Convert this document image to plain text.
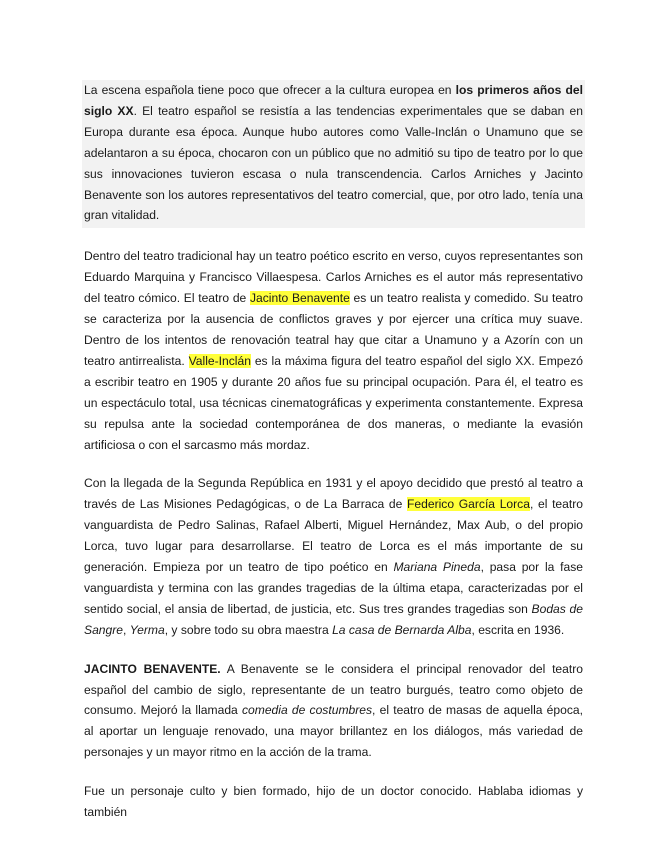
La escena española tiene poco que ofrecer a la cultura europea en los primeros años del siglo XX. El teatro español se resistía a las tendencias experimentales que se daban en Europa durante esa época. Aunque hubo autores como Valle-Inclán o Unamuno que se adelantaron a su época, chocaron con un público que no admitió su tipo de teatro por lo que sus innovaciones tuvieron escasa o nula transcendencia. Carlos Arniches y Jacinto Benavente son los autores representativos del teatro comercial, que, por otro lado, tenía una gran vitalidad.

Dentro del teatro tradicional hay un teatro poético escrito en verso, cuyos representantes son Eduardo Marquina y Francisco Villaespesa. Carlos Arniches es el autor más representativo del teatro cómico. El teatro de Jacinto Benavente es un teatro realista y comedido. Su teatro se caracteriza por la ausencia de conflictos graves y por ejercer una crítica muy suave. Dentro de los intentos de renovación teatral hay que citar a Unamuno y a Azorín con un teatro antirrealista. Valle-Inclán es la máxima figura del teatro español del siglo XX. Empezó a escribir teatro en 1905 y durante 20 años fue su principal ocupación. Para él, el teatro es un espectáculo total, usa técnicas cinematográficas y experimenta constantemente. Expresa su repulsa ante la sociedad contemporánea de dos maneras, o mediante la evasión artificiosa o con el sarcasmo más mordaz.

Con la llegada de la Segunda República en 1931 y el apoyo decidido que prestó al teatro a través de Las Misiones Pedagógicas, o de La Barraca de Federico García Lorca, el teatro vanguardista de Pedro Salinas, Rafael Alberti, Miguel Hernández, Max Aub, o del propio Lorca, tuvo lugar para desarrollarse. El teatro de Lorca es el más importante de su generación. Empieza por un teatro de tipo poético en Mariana Pineda, pasa por la fase vanguardista y termina con las grandes tragedias de la última etapa, caracterizadas por el sentido social, el ansia de libertad, de justicia, etc. Sus tres grandes tragedias son Bodas de Sangre, Yerma, y sobre todo su obra maestra La casa de Bernarda Alba, escrita en 1936.

JACINTO BENAVENTE. A Benavente se le considera el principal renovador del teatro español del cambio de siglo, representante de un teatro burgués, teatro como objeto de consumo. Mejoró la llamada comedia de costumbres, el teatro de masas de aquella época, al aportar un lenguaje renovado, una mayor brillantez en los diálogos, más variedad de personajes y un mayor ritmo en la acción de la trama.

Fue un personaje culto y bien formado, hijo de un doctor conocido. Hablaba idiomas y también
